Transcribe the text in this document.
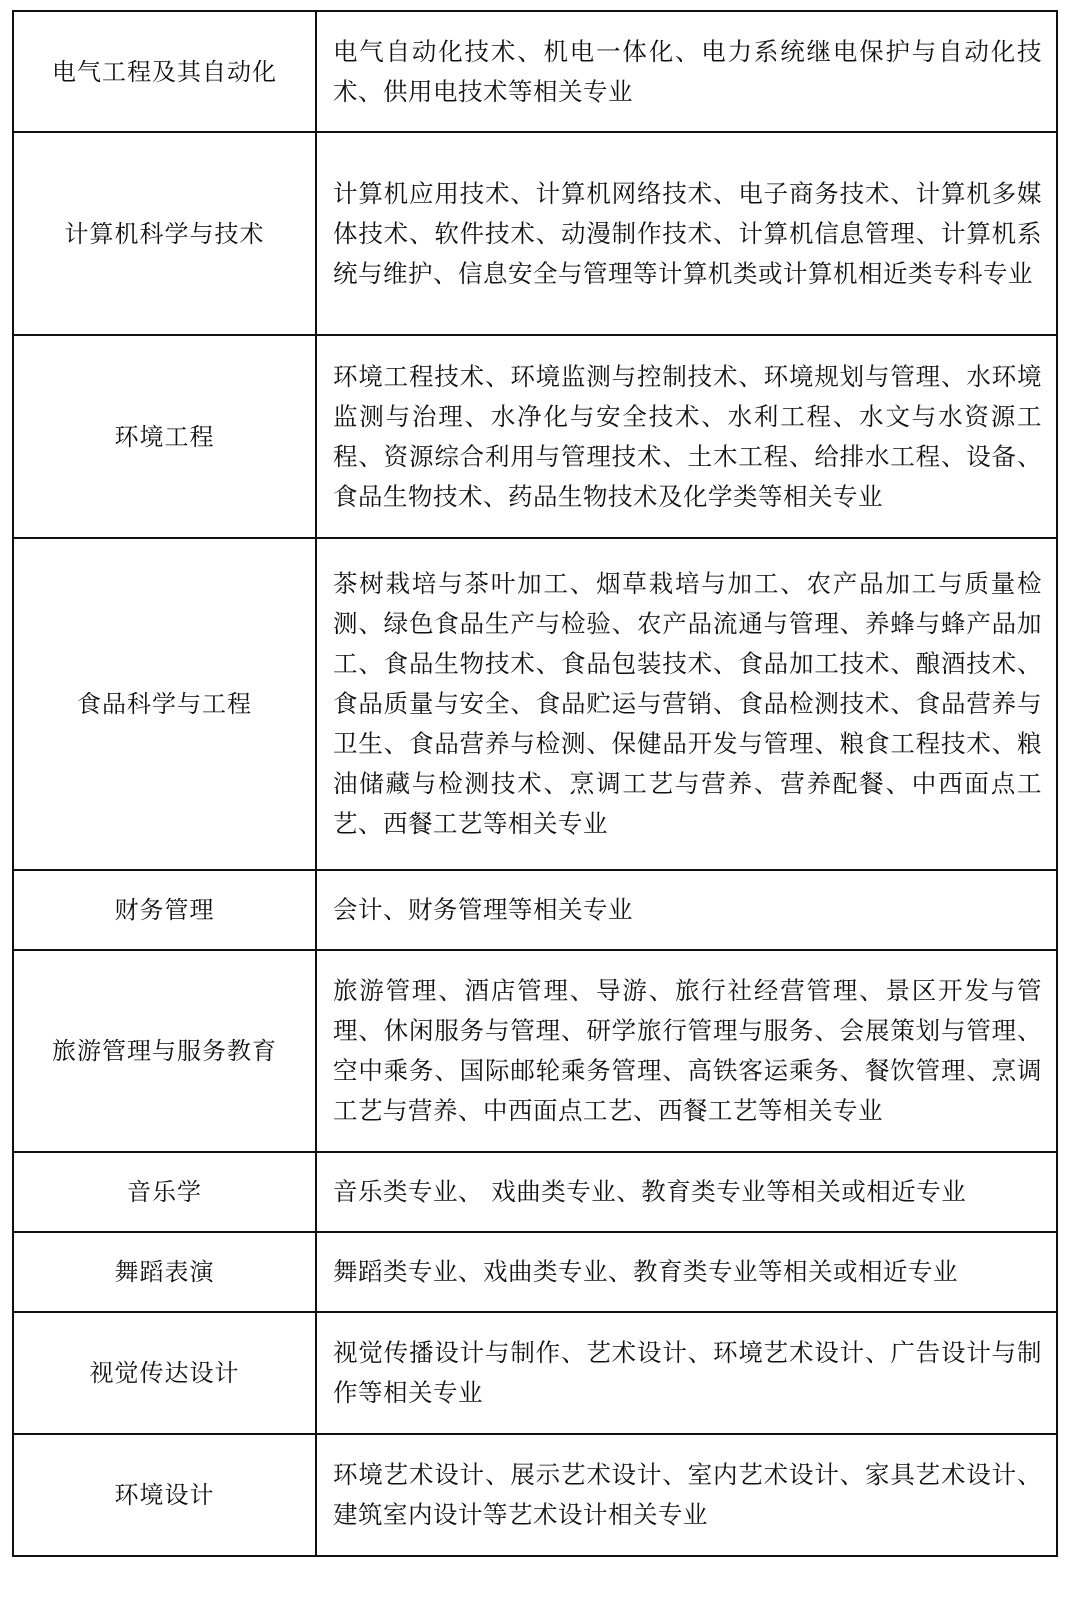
电气工程及其自动化	电气自动化技术、机电一体化、电力系统继电保护与自动化技术、供用电技术等相关专业
计算机科学与技术	计算机应用技术、计算机网络技术、电子商务技术、计算机多媒体技术、软件技术、动漫制作技术、计算机信息管理、计算机系统与维护、信息安全与管理等计算机类或计算机相近类专科专业
环境工程	环境工程技术、环境监测与控制技术、环境规划与管理、水环境监测与治理、水净化与安全技术、水利工程、水文与水资源工程、资源综合利用与管理技术、土木工程、给排水工程、设备、食品生物技术、药品生物技术及化学类等相关专业
食品科学与工程	茶树栽培与茶叶加工、烟草栽培与加工、农产品加工与质量检测、绿色食品生产与检验、农产品流通与管理、养蜂与蜂产品加工、食品生物技术、食品包装技术、食品加工技术、酿酒技术、食品质量与安全、食品贮运与营销、食品检测技术、食品营养与卫生、食品营养与检测、保健品开发与管理、粮食工程技术、粮油储藏与检测技术、烹调工艺与营养、营养配餐、中西面点工艺、西餐工艺等相关专业
财务管理	会计、财务管理等相关专业
旅游管理与服务教育	旅游管理、酒店管理、导游、旅行社经营管理、景区开发与管理、休闲服务与管理、研学旅行管理与服务、会展策划与管理、空中乘务、国际邮轮乘务管理、高铁客运乘务、餐饮管理、烹调工艺与营养、中西面点工艺、西餐工艺等相关专业
音乐学	音乐类专业、 戏曲类专业、教育类专业等相关或相近专业
舞蹈表演	舞蹈类专业、戏曲类专业、教育类专业等相关或相近专业
视觉传达设计	视觉传播设计与制作、艺术设计、环境艺术设计、广告设计与制作等相关专业
环境设计	环境艺术设计、展示艺术设计、室内艺术设计、家具艺术设计、建筑室内设计等艺术设计相关专业
